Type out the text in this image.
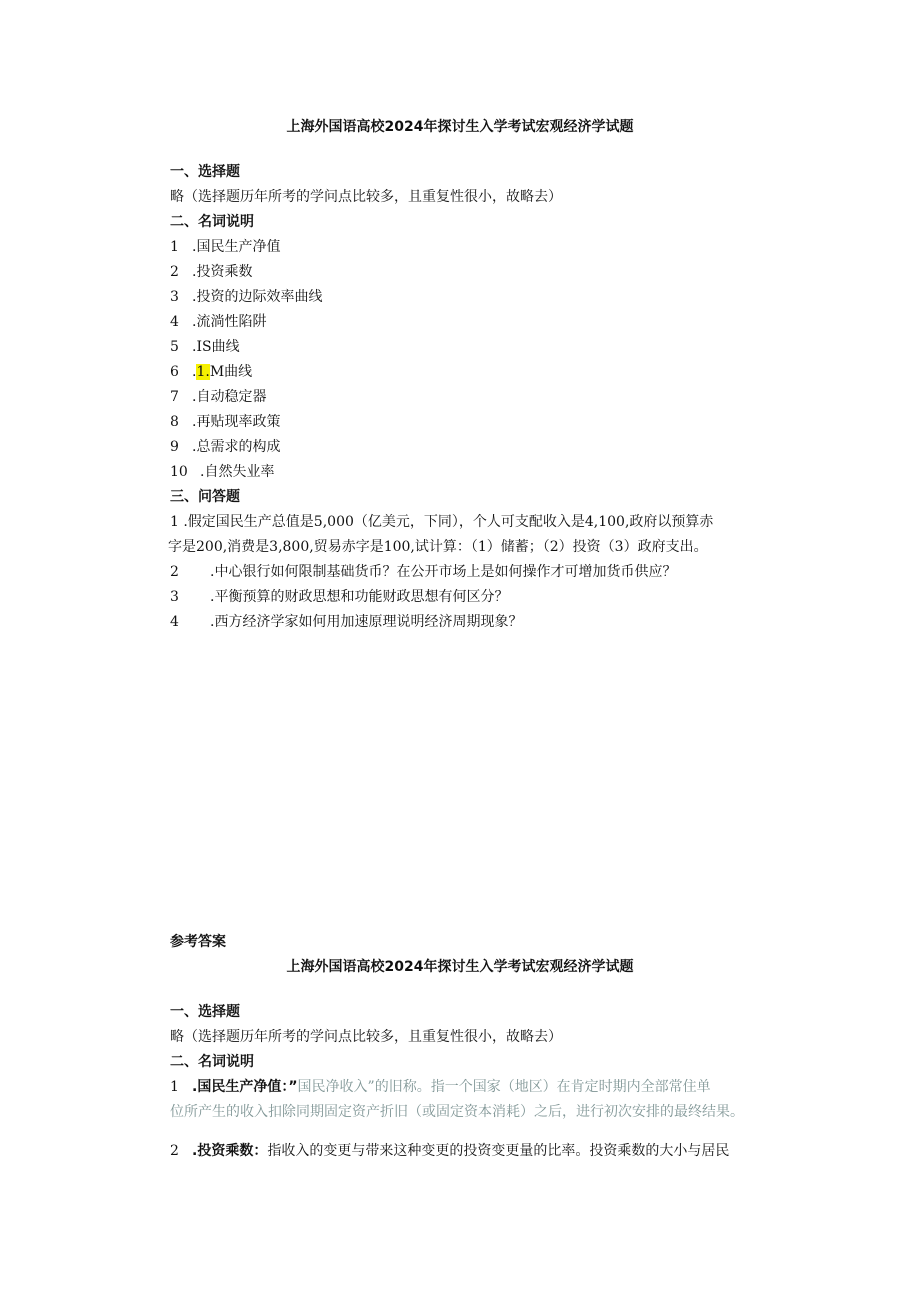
上海外国语高校2024年探讨生入学考试宏观经济学试题
一、选择题
略（选择题历年所考的学问点比较多，且重复性很小，故略去）
二、名词说明
1 .国民生产净值
2 .投资乘数
3 .投资的边际效率曲线
4 .流淌性陷阱
5 .IS曲线
6 .1.M曲线
7 .自动稳定器
8 .再贴现率政策
9 .总需求的构成
10 .自然失业率
三、问答题
1 .假定国民生产总值是5,000（亿美元，下同），个人可支配收入是4,100,政府以预算赤
字是200,消费是3,800,贸易赤字是100,试计算：（1）储蓄；（2）投资（3）政府支出。
2 .中心银行如何限制基础货币？在公开市场上是如何操作才可增加货币供应？
3 .平衡预算的财政思想和功能财政思想有何区分？
4 .西方经济学家如何用加速原理说明经济周期现象？
参考答案
上海外国语高校2024年探讨生入学考试宏观经济学试题
一、选择题
略（选择题历年所考的学问点比较多，且重复性很小，故略去）
二、名词说明
1 .国民生产净值：”国民净收入”的旧称。指一个国家（地区）在肯定时期内全部常住单
位所产生的收入扣除同期固定资产折旧（或固定资本消耗）之后，进行初次安排的最终结果。
2 .投资乘数：指收入的变更与带来这种变更的投资变更量的比率。投资乘数的大小与居民
